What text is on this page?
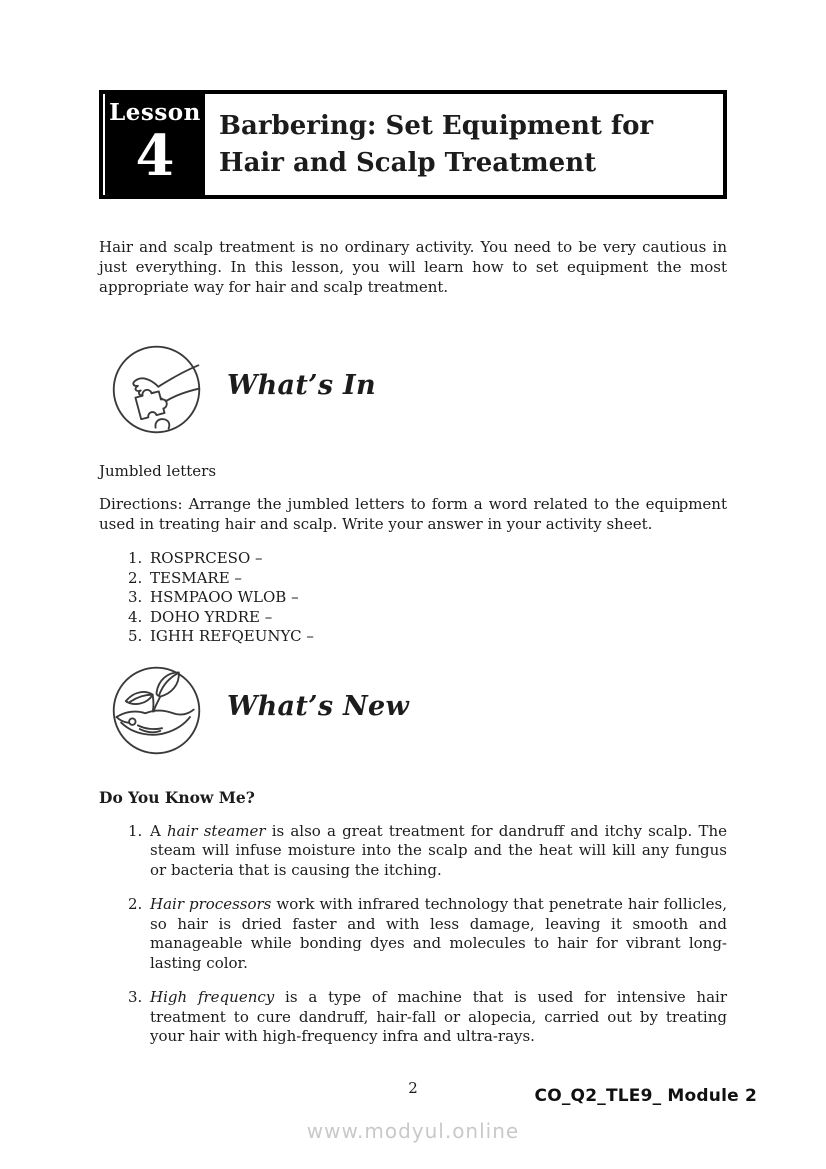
Lesson
4 Barbering: Set Equipment for
Hair and Scalp Treatment

Hair and scalp treatment is no ordinary activity. You need to be very cautious in just everything. In this lesson, you will learn how to set equipment the most appropriate way for hair and scalp treatment.

What’s In

Jumbled letters

Directions: Arrange the jumbled letters to form a word related to the equipment used in treating hair and scalp. Write your answer in your activity sheet.

1. ROSPRCESO –
2. TESMARE –
3. HSMPAOO WLOB –
4. DOHO YRDRE –
5. IGHH REFQEUNYC –
What’s New
Do You Know Me?
1. A hair steamer is also a great treatment for dandruff and itchy scalp. The steam will infuse moisture into the scalp and the heat will kill any fungus or bacteria that is causing the itching.
2. Hair processors work with infrared technology that penetrate hair follicles, so hair is dried faster and with less damage, leaving it smooth and manageable while bonding dyes and molecules to hair for vibrant long-lasting color.
3. High frequency is a type of machine that is used for intensive hair treatment to cure dandruff, hair-fall or alopecia, carried out by treating your hair with high-frequency infra and ultra-rays.
2	CO_Q2_TLE9_ Module 2
www.modyul.online
